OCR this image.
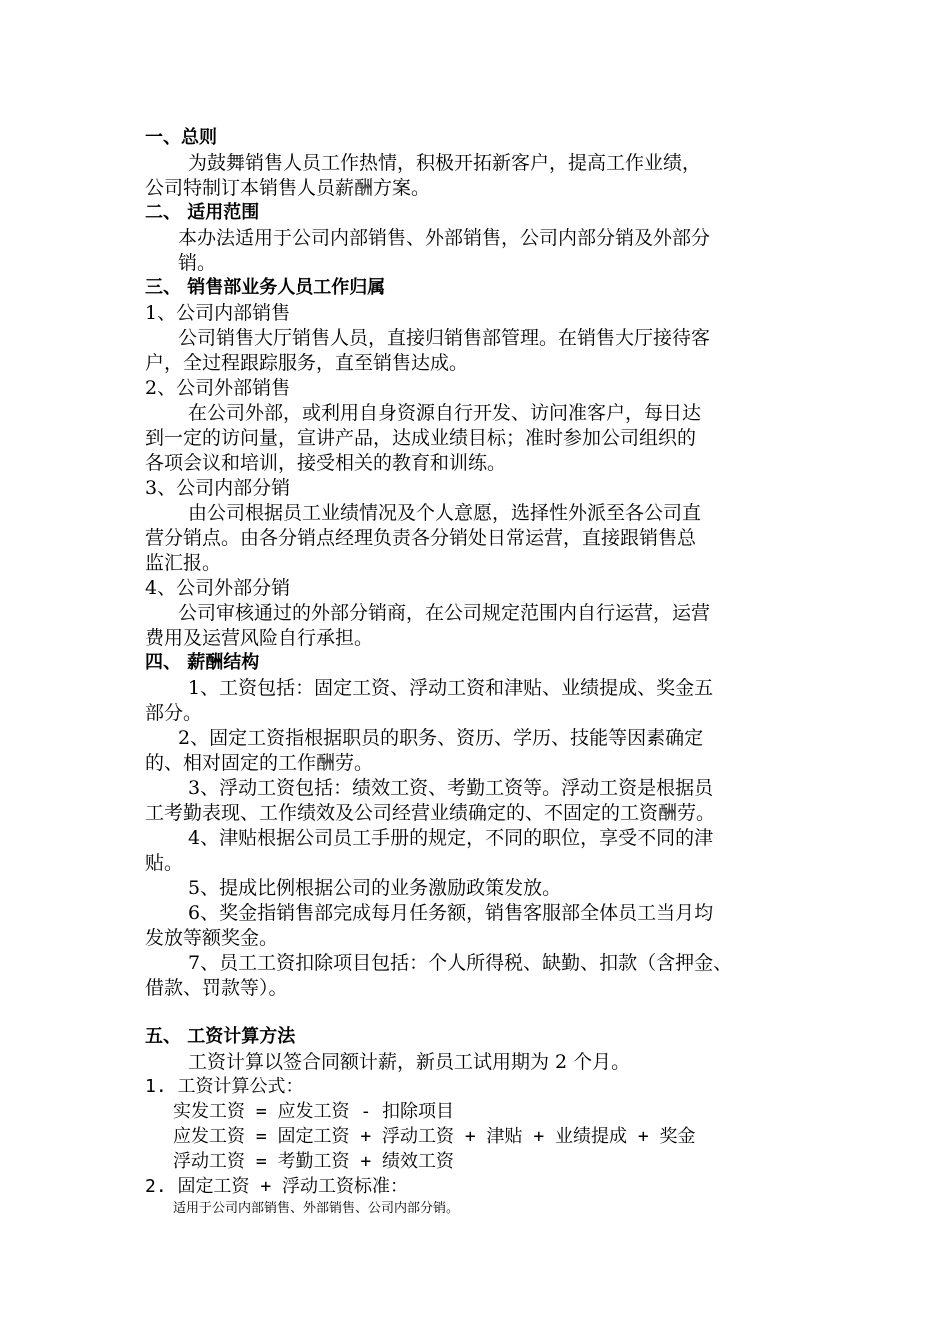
一、总则
为鼓舞销售人员工作热情，积极开拓新客户，提高工作业绩，
公司特制订本销售人员薪酬方案。
二、 适用范围
本办法适用于公司内部销售、外部销售，公司内部分销及外部分
销。
三、 销售部业务人员工作归属
1、公司内部销售
公司销售大厅销售人员，直接归销售部管理。在销售大厅接待客
户，全过程跟踪服务，直至销售达成。
2、公司外部销售
在公司外部，或利用自身资源自行开发、访问准客户，每日达
到一定的访问量，宣讲产品，达成业绩目标；准时参加公司组织的
各项会议和培训，接受相关的教育和训练。
3、公司内部分销
由公司根据员工业绩情况及个人意愿，选择性外派至各公司直
营分销点。由各分销点经理负责各分销处日常运营，直接跟销售总
监汇报。
4、公司外部分销
公司审核通过的外部分销商，在公司规定范围内自行运营，运营
费用及运营风险自行承担。
四、 薪酬结构
1、工资包括：固定工资、浮动工资和津贴、业绩提成、奖金五
部分。
2、固定工资指根据职员的职务、资历、学历、技能等因素确定
的、相对固定的工作酬劳。
3、浮动工资包括：绩效工资、考勤工资等。浮动工资是根据员
工考勤表现、工作绩效及公司经营业绩确定的、不固定的工资酬劳。
4、津贴根据公司员工手册的规定，不同的职位，享受不同的津
贴。
5、提成比例根据公司的业务激励政策发放。
6、奖金指销售部完成每月任务额，销售客服部全体员工当月均
发放等额奖金。
7、员工工资扣除项目包括：个人所得税、缺勤、扣款（含押金、
借款、罚款等）。
五、 工资计算方法
工资计算以签合同额计薪，新员工试用期为 2 个月。
1. 工资计算公式：
实发工资 = 应发工资 - 扣除项目
应发工资 = 固定工资 + 浮动工资 + 津贴 + 业绩提成 + 奖金
浮动工资 = 考勤工资 + 绩效工资
2. 固定工资 + 浮动工资标准：
适用于公司内部销售、外部销售、公司内部分销。
